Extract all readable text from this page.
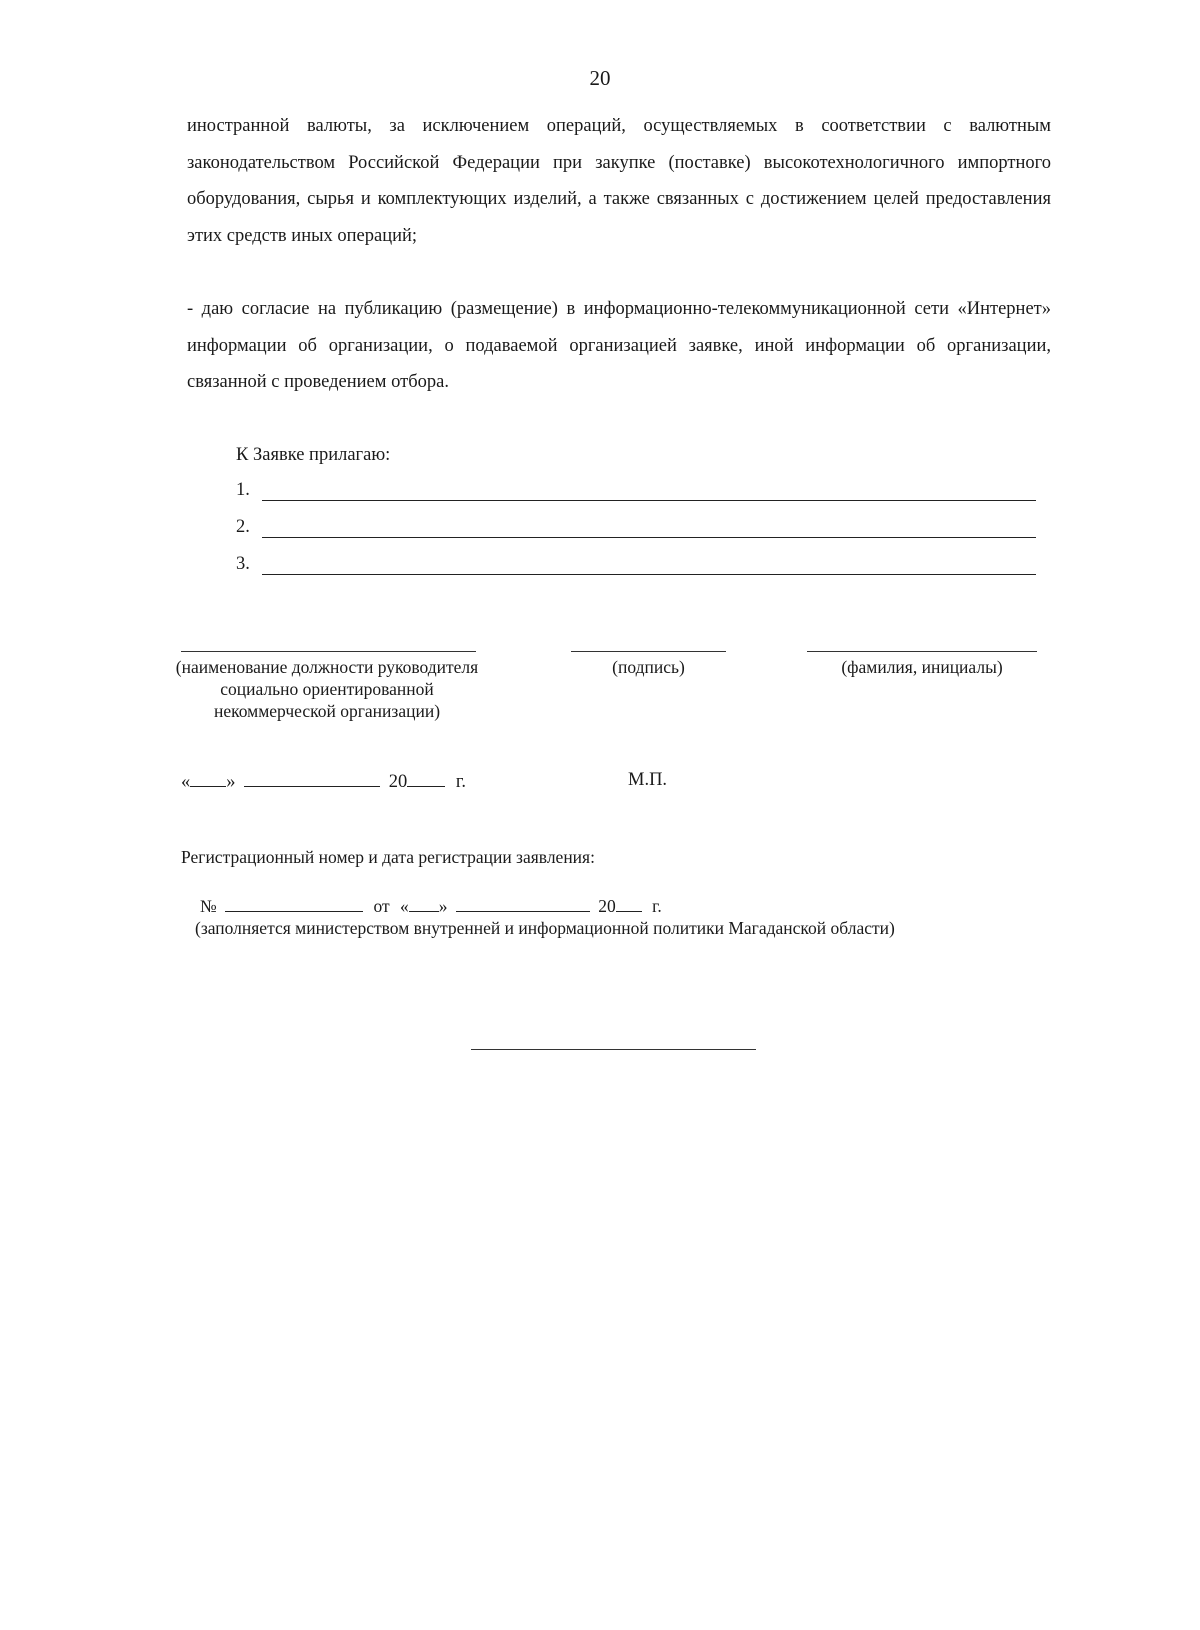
20
иностранной валюты, за исключением операций, осуществляемых в соответствии с валютным законодательством Российской Федерации при закупке (поставке) высокотехнологичного импортного оборудования, сырья и комплектующих изделий, а также связанных с достижением целей предоставления этих средств иных операций;
- даю согласие на публикацию (размещение) в информационно-телекоммуникационной сети «Интернет» информации об организации, о подаваемой организацией заявке, иной информации об организации, связанной с проведением отбора.
К Заявке прилагаю:
1.
2.
3.
(наименование должности руководителя социально ориентированной некоммерческой организации)
(подпись)	(фамилия, инициалы)
« »	20	г.	М.П.
Регистрационный номер и дата регистрации заявления:
№	от « »	20 г.
(заполняется министерством внутренней и информационной политики Магаданской области)
